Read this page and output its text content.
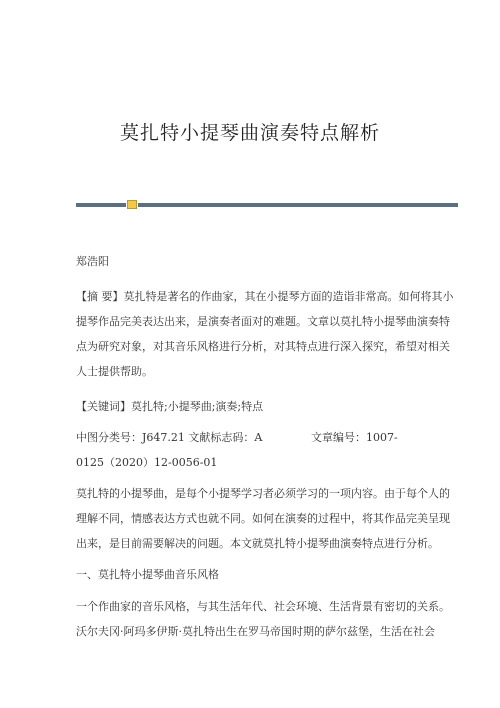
莫扎特小提琴曲演奏特点解析
郑浩阳
【摘 要】莫扎特是著名的作曲家，其在小提琴方面的造诣非常高。如何将其小
提琴作品完美表达出来，是演奏者面对的难题。文章以莫扎特小提琴曲演奏特
点为研究对象，对其音乐风格进行分析，对其特点进行深入探究，希望对相关
人士提供帮助。
【关键词】莫扎特;小提琴曲;演奏;特点
中图分类号：J647.21 文献标志码：A	文章编号：1007-
0125（2020）12-0056-01
莫扎特的小提琴曲，是每个小提琴学习者必须学习的一项内容。由于每个人的
理解不同，情感表达方式也就不同。如何在演奏的过程中，将其作品完美呈现
出来，是目前需要解决的问题。本文就莫扎特小提琴曲演奏特点进行分析。
一、莫扎特小提琴曲音乐风格
一个作曲家的音乐风格，与其生活年代、社会环境、生活背景有密切的关系。
沃尔夫冈·阿玛多伊斯·莫扎特出生在罗马帝国时期的萨尔兹堡，生活在社会
